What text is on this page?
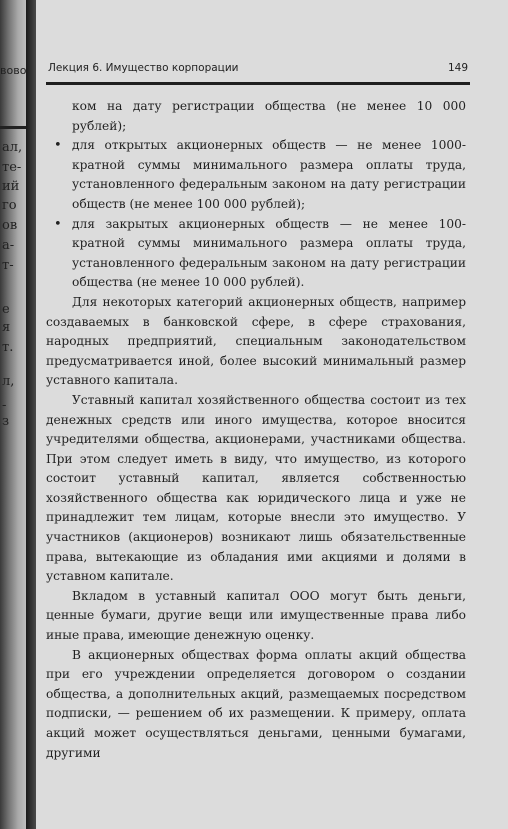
вово
ал,
те-
ий
го
ов
а-
т-
е
я
т.
л,
-
з
Лекция 6. Имущество корпорации	149

ком на дату регистрации общества (не менее 10 000 рублей);

• для открытых акционерных обществ — не менее 1000-кратной суммы минимального размера оплаты труда, установленного федеральным законом на дату регистрации обществ (не менее 100 000 рублей);

• для закрытых акционерных обществ — не менее 100-кратной суммы минимального размера оплаты труда, установленного федеральным законом на дату регистрации общества (не менее 10 000 рублей).

Для некоторых категорий акционерных обществ, например создаваемых в банковской сфере, в сфере страхования, народных предприятий, специальным законодательством предусматривается иной, более высокий минимальный размер уставного капитала.

Уставный капитал хозяйственного общества состоит из тех денежных средств или иного имущества, которое вносится учредителями общества, акционерами, участниками общества. При этом следует иметь в виду, что имущество, из которого состоит уставный капитал, является собственностью хозяйственного общества как юридического лица и уже не принадлежит тем лицам, которые внесли это имущество. У участников (акционеров) возникают лишь обязательственные права, вытекающие из обладания ими акциями и долями в уставном капитале.

Вкладом в уставный капитал ООО могут быть деньги, ценные бумаги, другие вещи или имущественные права либо иные права, имеющие денежную оценку.

В акционерных обществах форма оплаты акций общества при его учреждении определяется договором о создании общества, а дополнительных акций, размещаемых посредством подписки, — решением об их размещении. К примеру, оплата акций может осуществляться деньгами, ценными бумагами, другими
